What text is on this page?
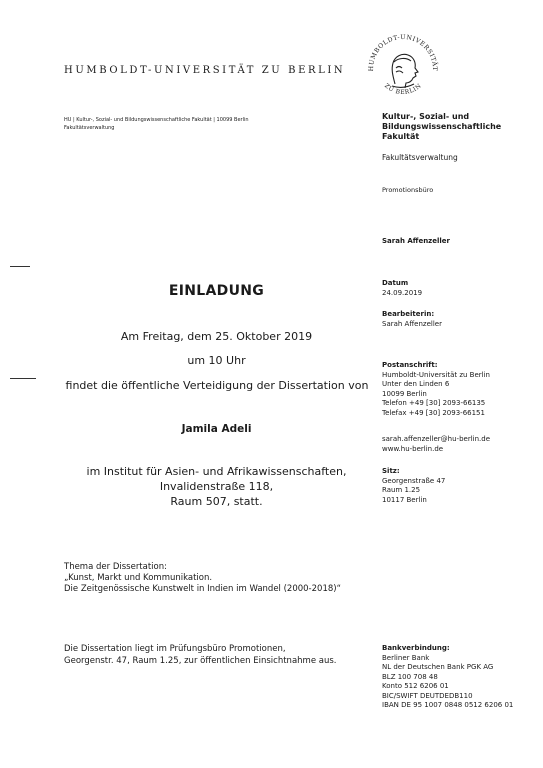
HUMBOLDT-UNIVERSITÄT ZU BERLIN	HUMBOLDT-UNIVERSITÄT
ZU BERLIN
HU | Kultur-, Sozial- und Bildungswissenschaftliche Fakultät | 10099 Berlin
Fakultätsverwaltung
Kultur-, Sozial- und
Bildungswissenschaftliche
Fakultät
Fakultätsverwaltung
Promotionsbüro
Sarah Affenzeller
Datum
24.09.2019
Bearbeiterin:
Sarah Affenzeller
Postanschrift:
Humboldt-Universität zu Berlin
Unter den Linden 6
10099 Berlin
Telefon +49 [30] 2093-66135
Telefax +49 [30] 2093-66151
sarah.affenzeller@hu-berlin.de
www.hu-berlin.de
Sitz:
Georgenstraße 47
Raum 1.25
10117 Berlin
Bankverbindung:
Berliner Bank
NL der Deutschen Bank PGK AG
BLZ 100 708 48
Konto 512 6206 01
BIC/SWIFT DEUTDEDB110
IBAN DE 95 1007 0848 0512 6206 01
EINLADUNG
Am Freitag, dem 25. Oktober 2019
um 10 Uhr
findet die öffentliche Verteidigung der Dissertation von
Jamila Adeli
im Institut für Asien- und Afrikawissenschaften,
Invalidenstraße 118,
Raum 507, statt.
Thema der Dissertation:
„Kunst, Markt und Kommunikation.
Die Zeitgenössische Kunstwelt in Indien im Wandel (2000-2018)“
Die Dissertation liegt im Prüfungsbüro Promotionen,
Georgenstr. 47, Raum 1.25, zur öffentlichen Einsichtnahme aus.
